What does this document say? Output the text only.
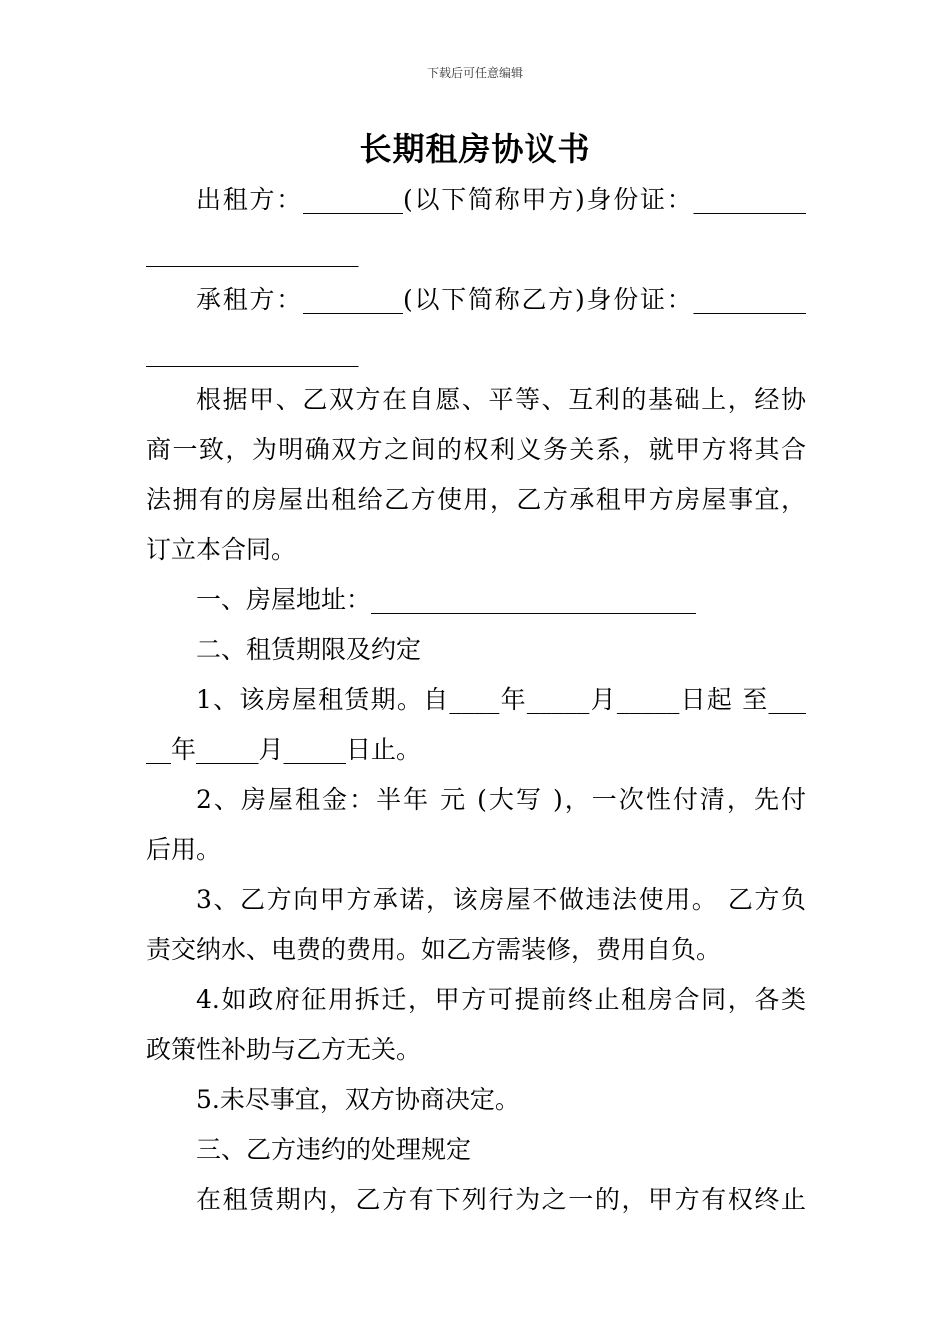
下载后可任意编辑
长期租房协议书

出租方：________(以下简称甲方)身份证：_________

_________________

承租方：________(以下简称乙方)身份证：_________

_________________

根据甲、乙双方在自愿、平等、互利的基础上，经协

商一致，为明确双方之间的权利义务关系，就甲方将其合

法拥有的房屋出租给乙方使用，乙方承租甲方房屋事宜，

订立本合同。

一、房屋地址：__________________________

二、租赁期限及约定

1、该房屋租赁期。自____年_____月_____日起 至___

__年_____月_____日止。

2、房屋租金：半年 元 (大写 )，一次性付清，先付

后用。

3、乙方向甲方承诺，该房屋不做违法使用。 乙方负

责交纳水、电费的费用。如乙方需装修，费用自负。

4.如政府征用拆迁，甲方可提前终止租房合同，各类

政策性补助与乙方无关。

5.未尽事宜，双方协商决定。

三、乙方违约的处理规定

在租赁期内，乙方有下列行为之一的，甲方有权终止
